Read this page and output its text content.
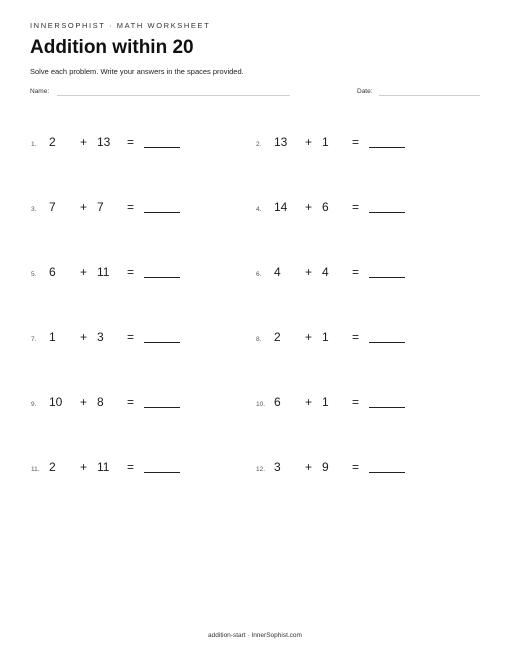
INNERSOPHIST · MATH WORKSHEET
Addition within 20
Solve each problem. Write your answers in the spaces provided.
Name:	Date:
1. 2 + 13 =	2. 13 + 1 =
3. 7 + 7 =	4. 14 + 6 =
5. 6 + 11 =	6. 4 + 4 =
7. 1 + 3 =	8. 2 + 1 =
9. 10 + 8 =	10. 6 + 1 =
11. 2 + 11 =	12. 3 + 9 =
addition-start · InnerSophist.com
